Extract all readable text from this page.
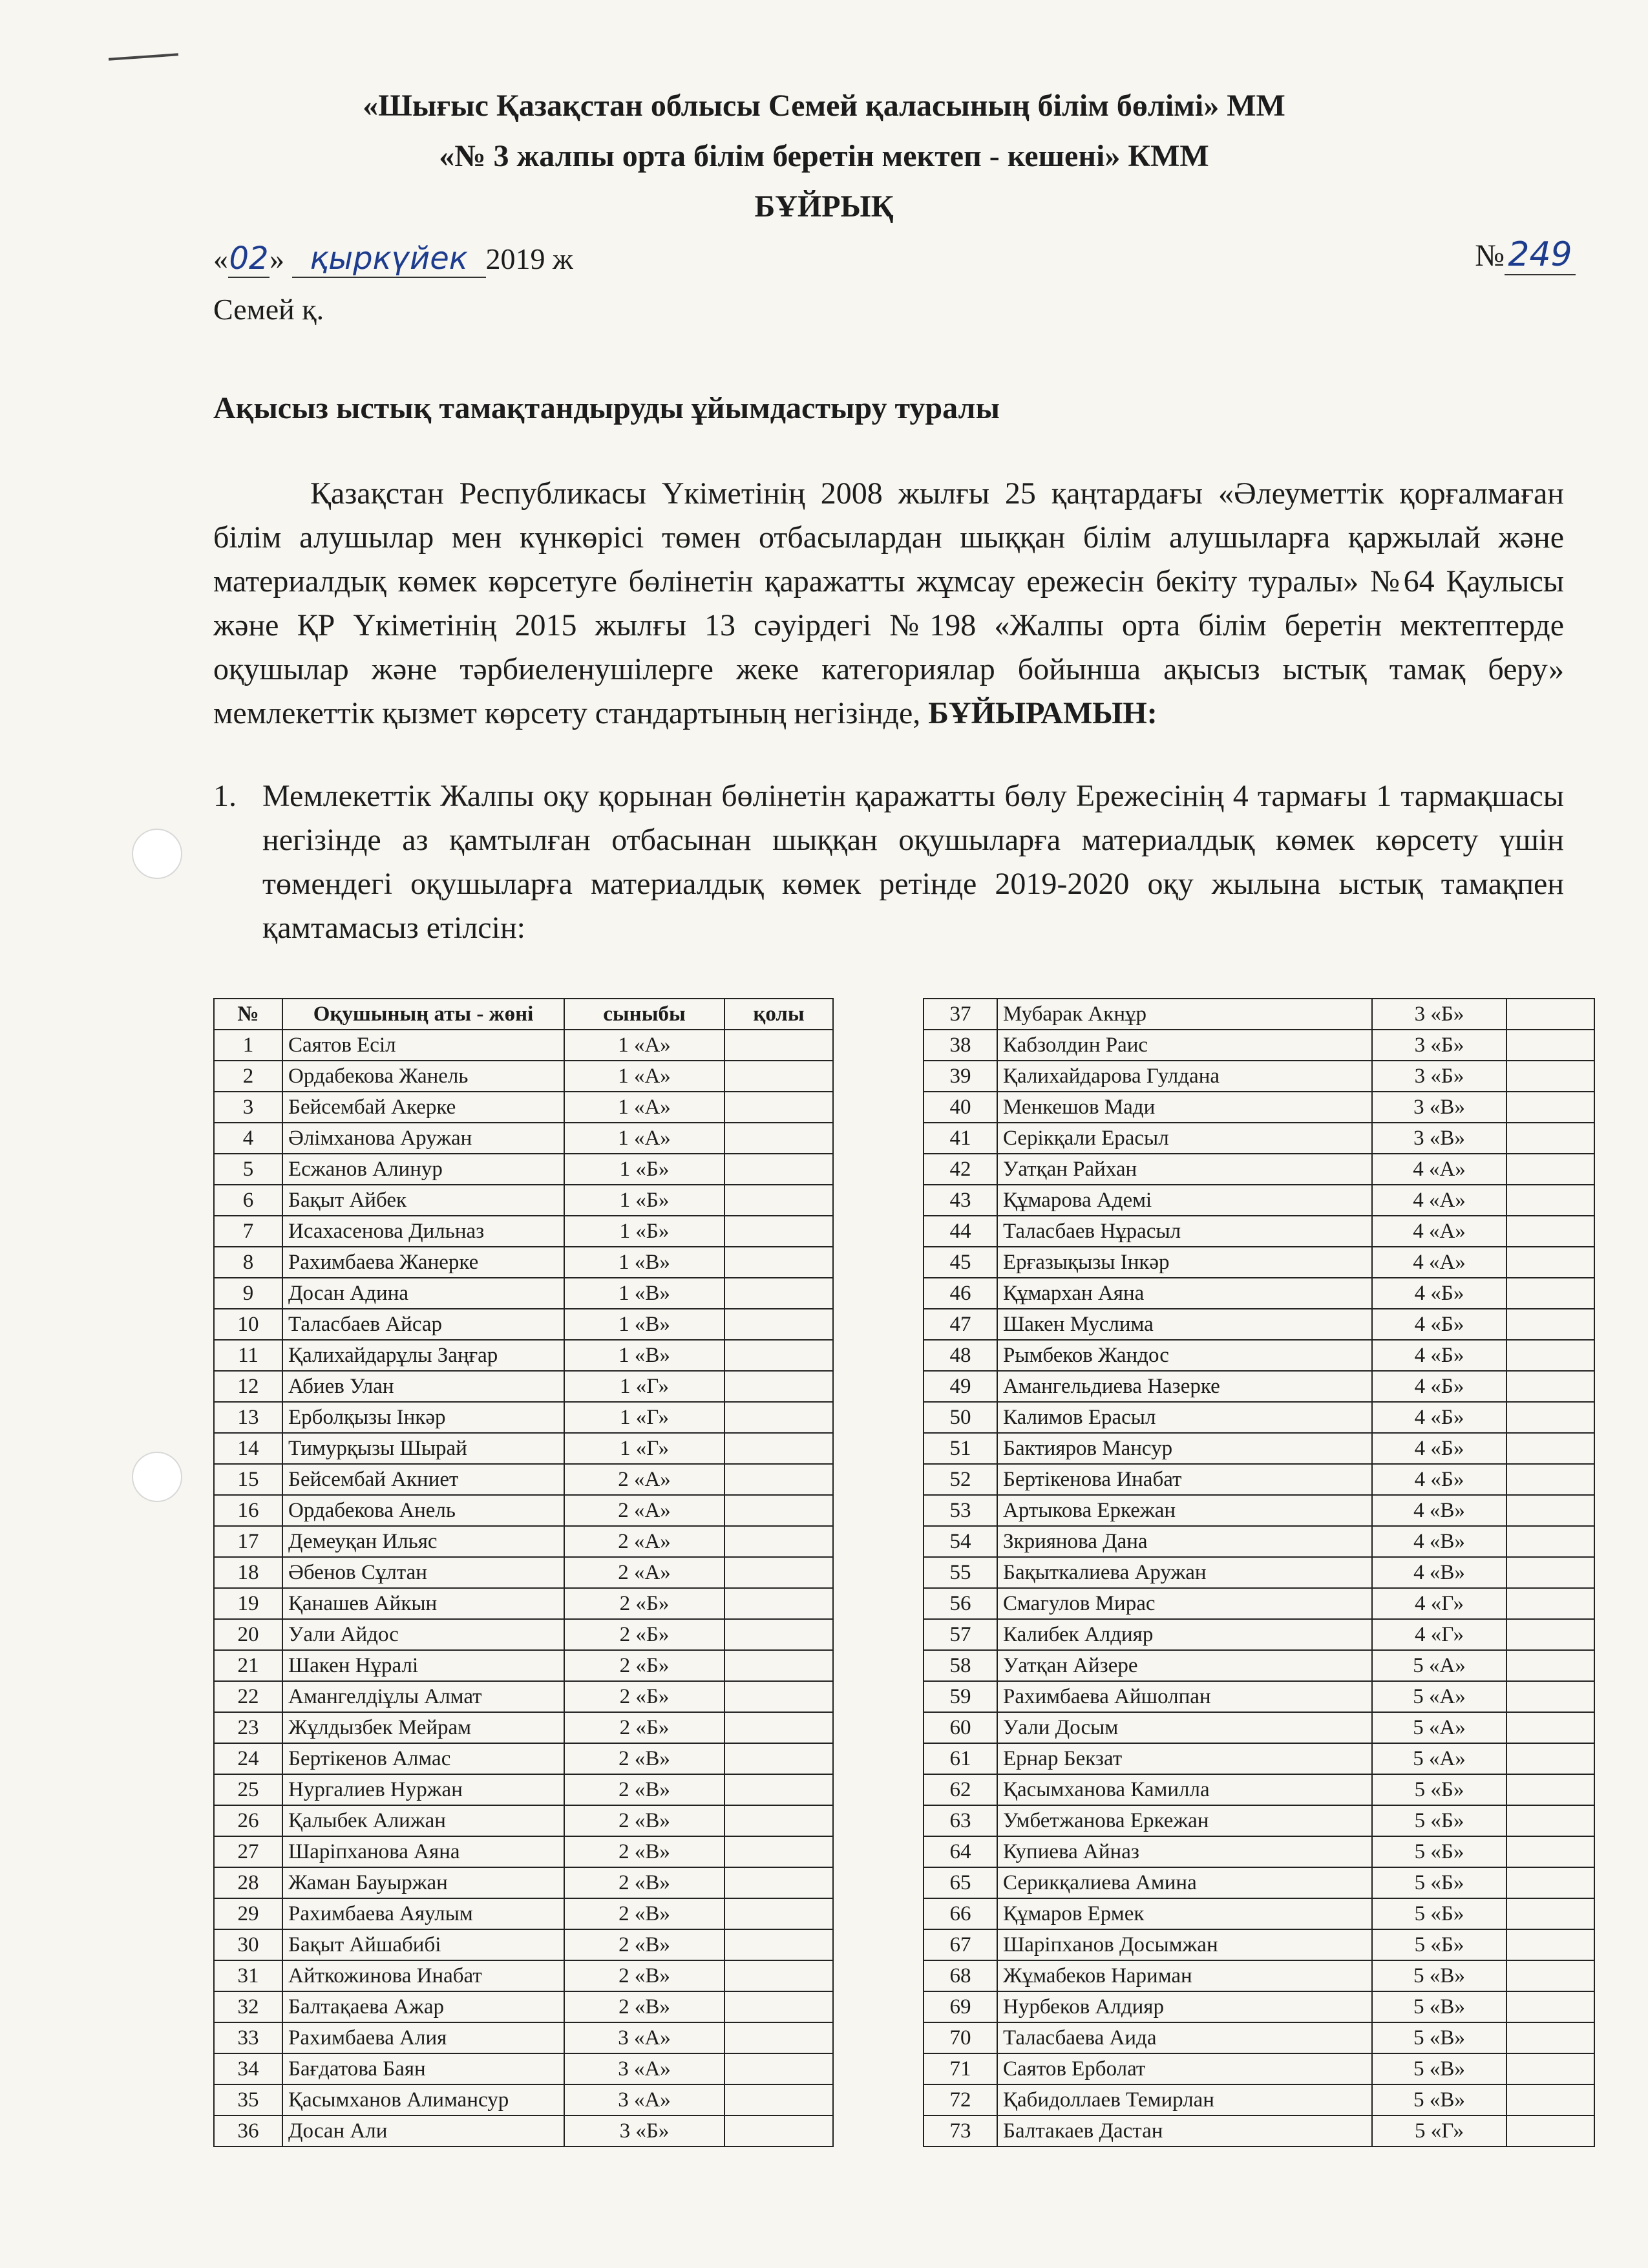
«Шығыс Қазақстан облысы Семей қаласының білім бөлімі» ММ
«№ 3 жалпы орта білім беретін мектеп - кешені» КММ
БҰЙРЫҚ
«02» қыркүйек 2019 ж	№ 249
Семей қ.
Ақысыз ыстық тамақтандыруды ұйымдастыру туралы
Қазақстан Республикасы Үкіметінің 2008 жылғы 25 қаңтардағы «Әлеуметтік қорғалмаған білім алушылар мен күнкөрісі төмен отбасылардан шыққан білім алушыларға қаржылай және материалдық көмек көрсетуге бөлінетін қаражатты жұмсау ережесін бекіту туралы» №64 Қаулысы және ҚР Үкіметінің 2015 жылғы 13 сәуірдегі №198 «Жалпы орта білім беретін мектептерде оқушылар және тәрбиеленушілерге жеке категориялар бойынша ақысыз ыстық тамақ беру» мемлекеттік қызмет көрсету стандартының негізінде, БҰЙЫРАМЫН:
1. Мемлекеттік Жалпы оқу қорынан бөлінетін қаражатты бөлу Ережесінің 4 тармағы 1 тармақшасы негізінде аз қамтылған отбасынан шыққан оқушыларға материалдық көмек көрсету үшін төмендегі оқушыларға материалдық көмек ретінде 2019-2020 оқу жылына ыстық тамақпен қамтамасыз етілсін:
№	Оқушының аты - жөні	сыныбы	қолы
1	Саятов Есіл	1 «А»	
2	Ордабекова Жанель	1 «А»	
3	Бейсембай Акерке	1 «А»	
4	Әлімханова Аружан	1 «А»	
5	Есжанов Алинур	1 «Б»	
6	Бақыт Айбек	1 «Б»	
7	Исахасенова Дильназ	1 «Б»	
8	Рахимбаева Жанерке	1 «В»	
9	Досан Адина	1 «В»	
10	Таласбаев Айсар	1 «В»	
11	Қалихайдарұлы Заңғар	1 «В»	
12	Абиев Улан	1 «Г»	
13	Ерболқызы Інкәр	1 «Г»	
14	Тимурқызы Шырай	1 «Г»	
15	Бейсембай Акниет	2 «А»	
16	Ордабекова Анель	2 «А»	
17	Демеуқан Ильяс	2 «А»	
18	Әбенов Сұлтан	2 «А»	
19	Қанашев Айкын	2 «Б»	
20	Уали Айдос	2 «Б»	
21	Шакен Нұралі	2 «Б»	
22	Амангелдіұлы Алмат	2 «Б»	
23	Жұлдызбек Мейрам	2 «Б»	
24	Бертікенов Алмас	2 «В»	
25	Нургалиев Нуржан	2 «В»	
26	Қалыбек Алижан	2 «В»	
27	Шаріпханова Аяна	2 «В»	
28	Жаман Бауыржан	2 «В»	
29	Рахимбаева Аяулым	2 «В»	
30	Бақыт Айшабибі	2 «В»	
31	Айткожинова Инабат	2 «В»	
32	Балтақаева Ажар	2 «В»	
33	Рахимбаева Алия	3 «А»	
34	Бағдатова Баян	3 «А»	
35	Қасымханов Алимансур	3 «А»	
36	Досан Али	3 «Б»	
37	Мубарак Акнұр	3 «Б»	
38	Кабзолдин Раис	3 «Б»	
39	Қалихайдарова Гулдана	3 «Б»	
40	Менкешов Мади	3 «В»	
41	Серікқали Ерасыл	3 «В»	
42	Уатқан Райхан	4 «А»	
43	Құмарова Адемі	4 «А»	
44	Таласбаев Нұрасыл	4 «А»	
45	Ерғазықызы Інкәр	4 «А»	
46	Құмархан Аяна	4 «Б»	
47	Шакен Муслима	4 «Б»	
48	Рымбеков Жандос	4 «Б»	
49	Амангельдиева Назерке	4 «Б»	
50	Калимов Ерасыл	4 «Б»	
51	Бактияров Мансур	4 «Б»	
52	Бертікенова Инабат	4 «Б»	
53	Артыкова Еркежан	4 «В»	
54	Зкриянова Дана	4 «В»	
55	Бақыткалиева Аружан	4 «В»	
56	Смагулов Мирас	4 «Г»	
57	Калибек Алдияр	4 «Г»	
58	Уатқан Айзере	5 «А»	
59	Рахимбаева Айшолпан	5 «А»	
60	Уали Досым	5 «А»	
61	Ернар Бекзат	5 «А»	
62	Қасымханова Камилла	5 «Б»	
63	Умбетжанова Еркежан	5 «Б»	
64	Купиева Айназ	5 «Б»	
65	Серикқалиева Амина	5 «Б»	
66	Құмаров Ермек	5 «Б»	
67	Шаріпханов Досымжан	5 «Б»	
68	Жұмабеков Нариман	5 «В»	
69	Нурбеков Алдияр	5 «В»	
70	Таласбаева Аида	5 «В»	
71	Саятов Ерболат	5 «В»	
72	Қабидоллаев Темирлан	5 «В»	
73	Балтакаев Дастан	5 «Г»	
